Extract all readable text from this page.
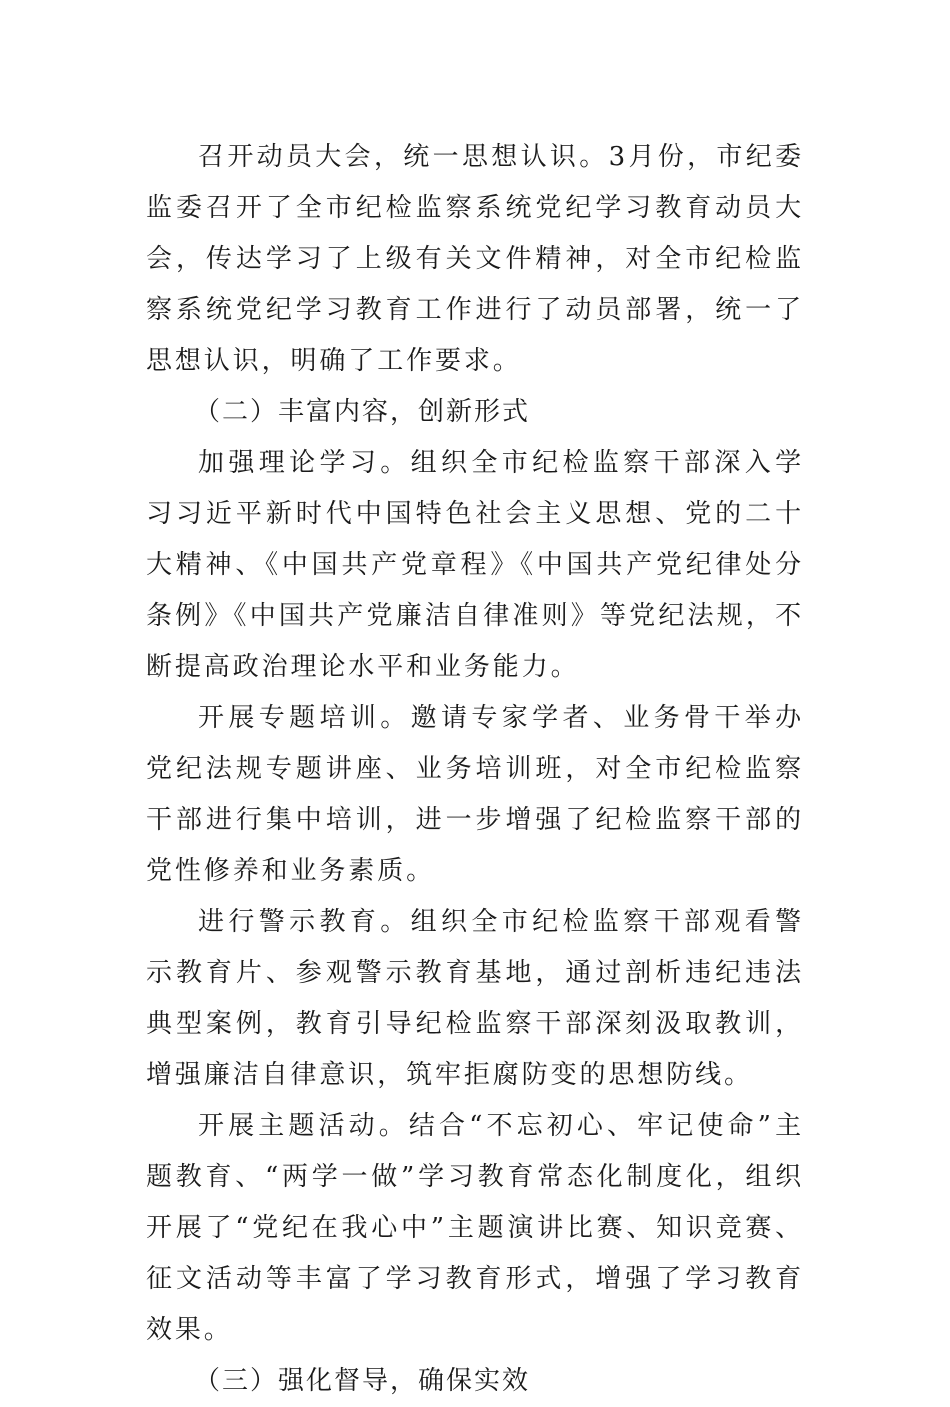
召开动员大会，统一思想认识。3月份，市纪委监委召开了全市纪检监察系统党纪学习教育动员大会，传达学习了上级有关文件精神，对全市纪检监察系统党纪学习教育工作进行了动员部署，统一了思想认识，明确了工作要求。

（二）丰富内容，创新形式

加强理论学习。组织全市纪检监察干部深入学习习近平新时代中国特色社会主义思想、党的二十大精神、《中国共产党章程》《中国共产党纪律处分条例》《中国共产党廉洁自律准则》等党纪法规，不断提高政治理论水平和业务能力。

开展专题培训。邀请专家学者、业务骨干举办党纪法规专题讲座、业务培训班，对全市纪检监察干部进行集中培训，进一步增强了纪检监察干部的党性修养和业务素质。

进行警示教育。组织全市纪检监察干部观看警示教育片、参观警示教育基地，通过剖析违纪违法典型案例，教育引导纪检监察干部深刻汲取教训，增强廉洁自律意识，筑牢拒腐防变的思想防线。

开展主题活动。结合“不忘初心、牢记使命”主题教育、“两学一做”学习教育常态化制度化，组织开展了“党纪在我心中”主题演讲比赛、知识竞赛、征文活动等丰富了学习教育形式，增强了学习教育效果。

（三）强化督导，确保实效
